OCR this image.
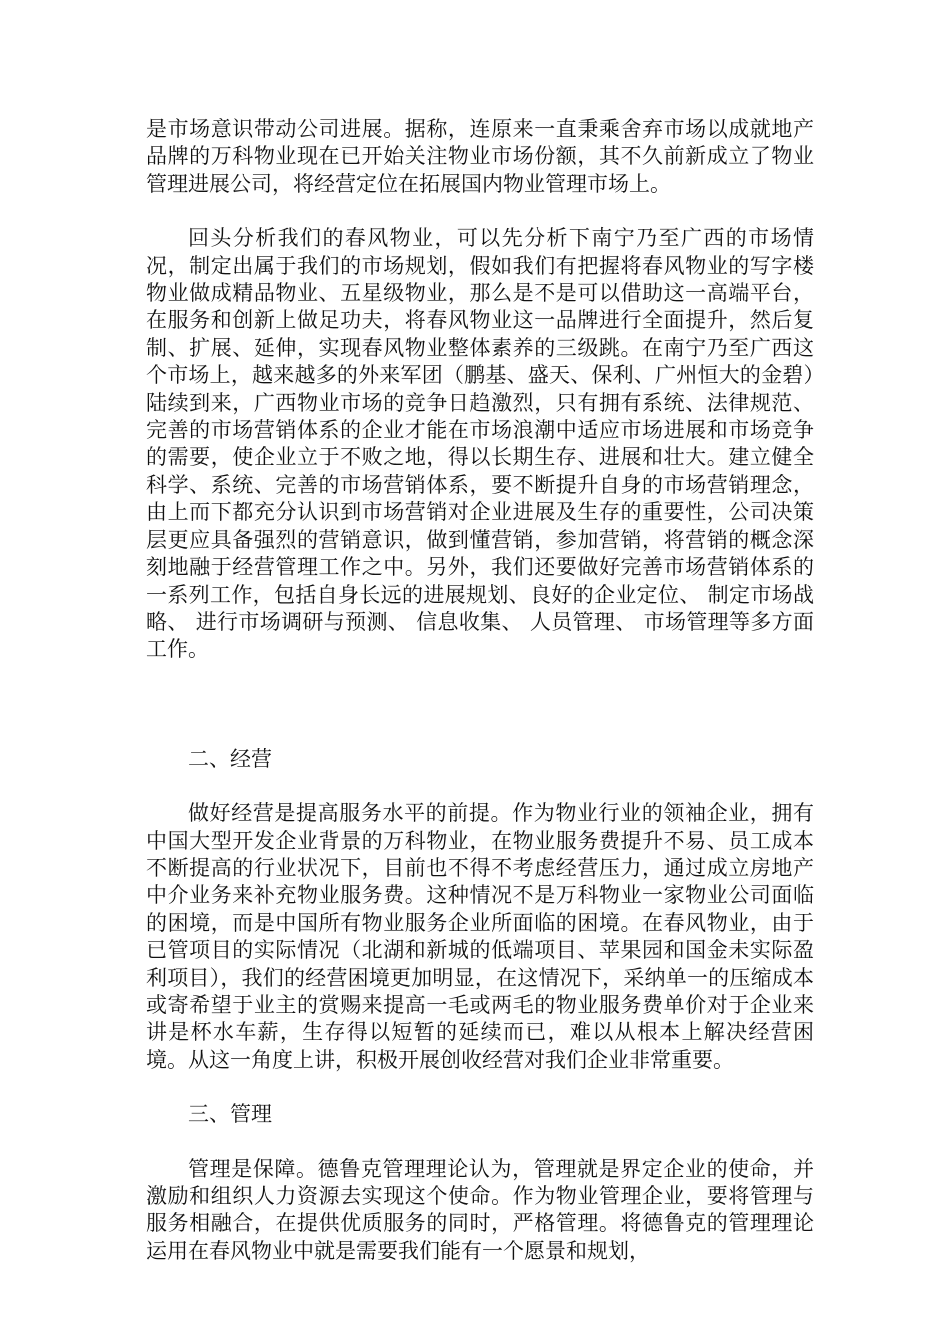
是市场意识带动公司进展。据称，连原来一直秉乘舍弃市场以成就地产品牌的万科物业现在已开始关注物业市场份额，其不久前新成立了物业管理进展公司，将经营定位在拓展国内物业管理市场上。

回头分析我们的春风物业，可以先分析下南宁乃至广西的市场情况，制定出属于我们的市场规划，假如我们有把握将春风物业的写字楼物业做成精品物业、五星级物业，那么是不是可以借助这一高端平台，在服务和创新上做足功夫，将春风物业这一品牌进行全面提升，然后复制、扩展、延伸，实现春风物业整体素养的三级跳。在南宁乃至广西这个市场上，越来越多的外来军团（鹏基、盛天、保利、广州恒大的金碧）陆续到来，广西物业市场的竞争日趋激烈，只有拥有系统、法律规范、完善的市场营销体系的企业才能在市场浪潮中适应市场进展和市场竞争的需要，使企业立于不败之地，得以长期生存、进展和壮大。建立健全科学、系统、完善的市场营销体系，要不断提升自身的市场营销理念，由上而下都充分认识到市场营销对企业进展及生存的重要性，公司决策层更应具备强烈的营销意识，做到懂营销，参加营销，将营销的概念深刻地融于经营管理工作之中。另外，我们还要做好完善市场营销体系的一系列工作，包括自身长远的进展规划、良好的企业定位、 制定市场战略、 进行市场调研与预测、 信息收集、 人员管理、 市场管理等多方面工作。

二、经营

做好经营是提高服务水平的前提。作为物业行业的领袖企业，拥有中国大型开发企业背景的万科物业，在物业服务费提升不易、员工成本不断提高的行业状况下，目前也不得不考虑经营压力，通过成立房地产中介业务来补充物业服务费。这种情况不是万科物业一家物业公司面临的困境，而是中国所有物业服务企业所面临的困境。在春风物业，由于已管项目的实际情况（北湖和新城的低端项目、苹果园和国金未实际盈利项目），我们的经营困境更加明显，在这情况下，采纳单一的压缩成本或寄希望于业主的赏赐来提高一毛或两毛的物业服务费单价对于企业来讲是杯水车薪，生存得以短暂的延续而已，难以从根本上解决经营困境。从这一角度上讲，积极开展创收经营对我们企业非常重要。

三、管理

管理是保障。德鲁克管理理论认为，管理就是界定企业的使命，并激励和组织人力资源去实现这个使命。作为物业管理企业，要将管理与服务相融合，在提供优质服务的同时，严格管理。将德鲁克的管理理论运用在春风物业中就是需要我们能有一个愿景和规划，
